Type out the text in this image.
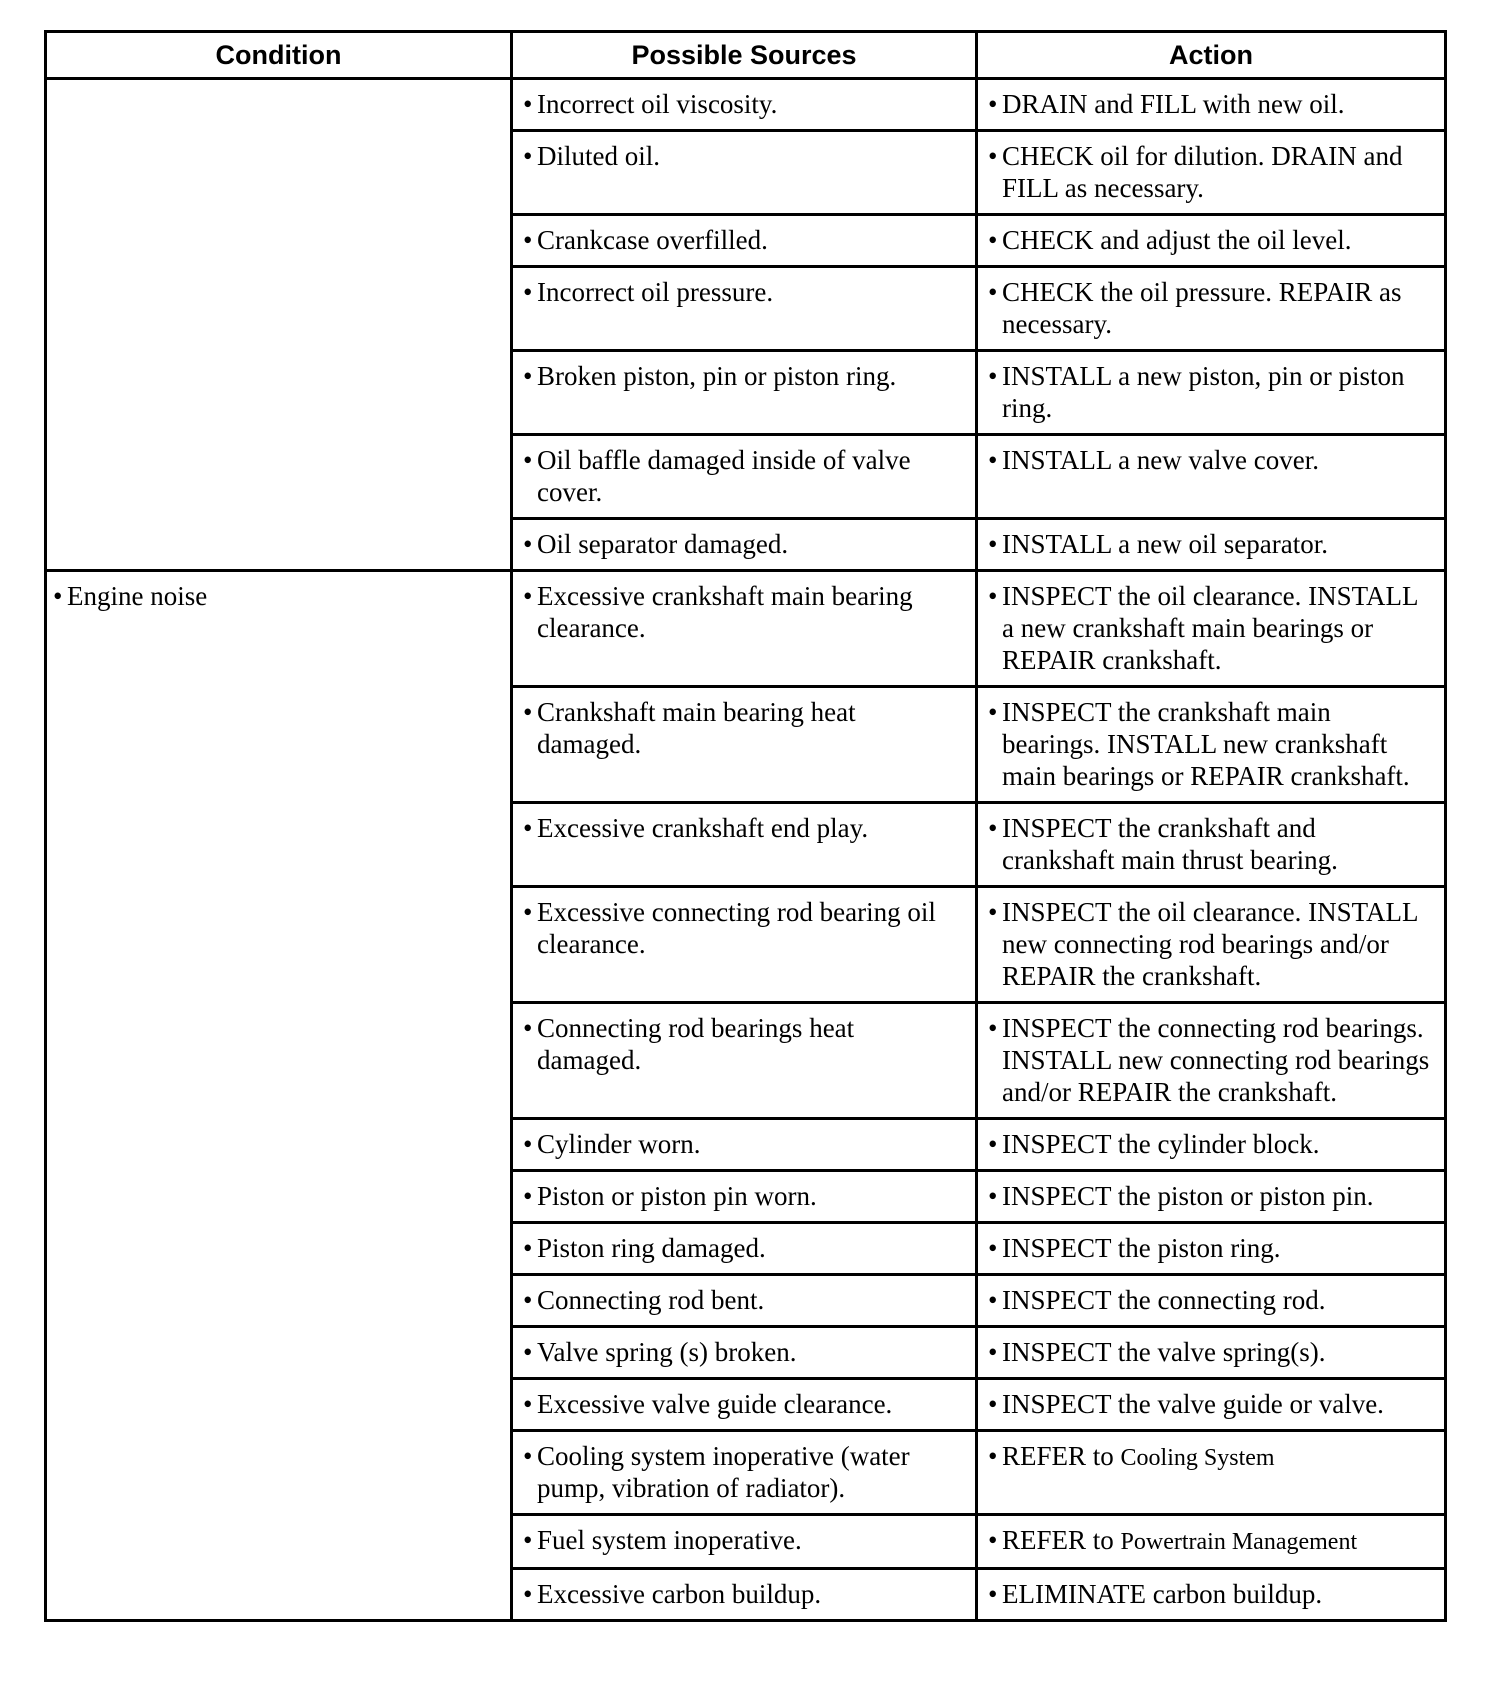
Condition	Possible Sources	Action

	• Incorrect oil viscosity.	• DRAIN and FILL with new oil.

	• Diluted oil.	• CHECK oil for dilution. DRAIN and FILL as necessary.

	• Crankcase overfilled.	• CHECK and adjust the oil level.

	• Incorrect oil pressure.	• CHECK the oil pressure. REPAIR as necessary.

	• Broken piston, pin or piston ring.	• INSTALL a new piston, pin or piston ring.

	• Oil baffle damaged inside of valve cover.	• INSTALL a new valve cover.

	• Oil separator damaged.	• INSTALL a new oil separator.

• Engine noise	• Excessive crankshaft main bearing clearance.	• INSPECT the oil clearance. INSTALL a new crankshaft main bearings or REPAIR crankshaft.

	• Crankshaft main bearing heat damaged.	• INSPECT the crankshaft main bearings. INSTALL new crankshaft main bearings or REPAIR crankshaft.

	• Excessive crankshaft end play.	• INSPECT the crankshaft and crankshaft main thrust bearing.

	• Excessive connecting rod bearing oil clearance.	• INSPECT the oil clearance. INSTALL new connecting rod bearings and/or REPAIR the crankshaft.

	• Connecting rod bearings heat damaged.	• INSPECT the connecting rod bearings. INSTALL new connecting rod bearings and/or REPAIR the crankshaft.

	• Cylinder worn.	• INSPECT the cylinder block.

	• Piston or piston pin worn.	• INSPECT the piston or piston pin.

	• Piston ring damaged.	• INSPECT the piston ring.

	• Connecting rod bent.	• INSPECT the connecting rod.

	• Valve spring (s) broken.	• INSPECT the valve spring(s).

	• Excessive valve guide clearance.	• INSPECT the valve guide or valve.

	• Cooling system inoperative (water pump, vibration of radiator).	• REFER to Cooling System

	• Fuel system inoperative.	• REFER to Powertrain Management

	• Excessive carbon buildup.	• ELIMINATE carbon buildup.
